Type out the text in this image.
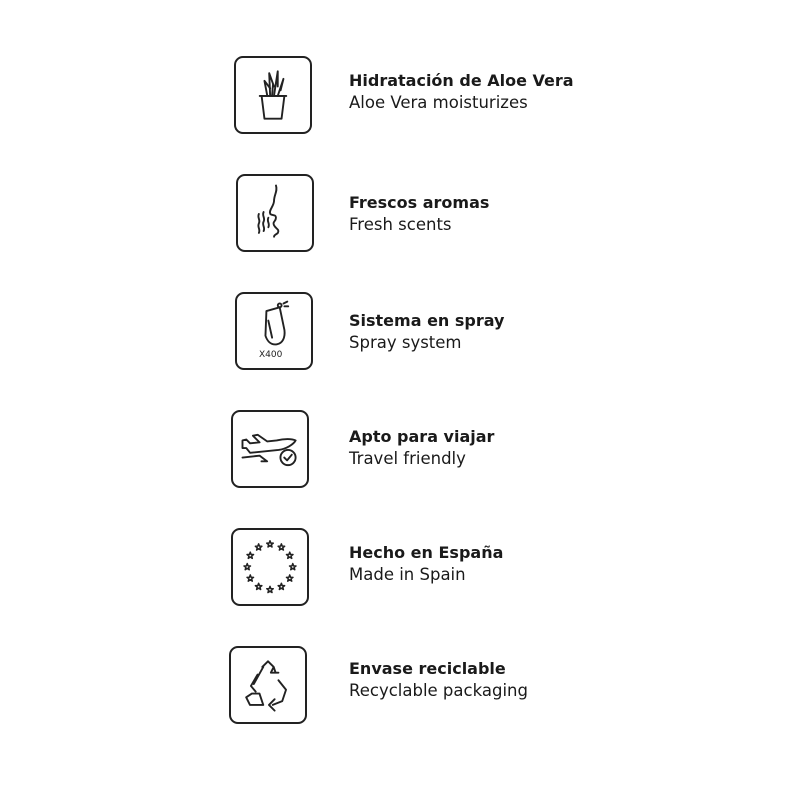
Hidratación de Aloe Vera
Aloe Vera moisturizes
Frescos aromas
Fresh scents
X400
Sistema en spray
Spray system
Apto para viajar
Travel friendly
Hecho en España
Made in Spain
Envase reciclable
Recyclable packaging
